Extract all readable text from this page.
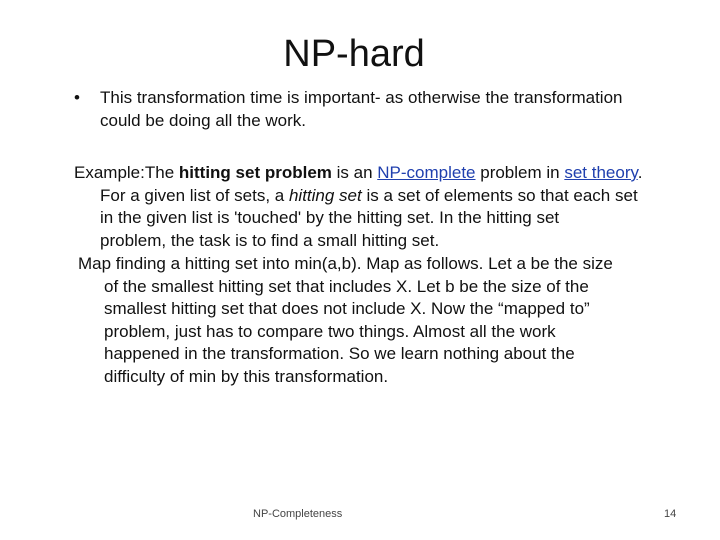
NP-hard
•	This transformation time is important- as otherwise the transformation
could be doing all the work.
Example:The hitting set problem is an NP-complete problem in set theory.
For a given list of sets, a hitting set is a set of elements so that each set
in the given list is 'touched' by the hitting set. In the hitting set
problem, the task is to find a small hitting set.
Map finding a hitting set into min(a,b). Map as follows. Let a be the size
of the smallest hitting set that includes X. Let b be the size of the
smallest hitting set that does not include X. Now the “mapped to”
problem, just has to compare two things. Almost all the work
happened in the transformation. So we learn nothing about the
difficulty of min by this transformation.
NP-Completeness	14
